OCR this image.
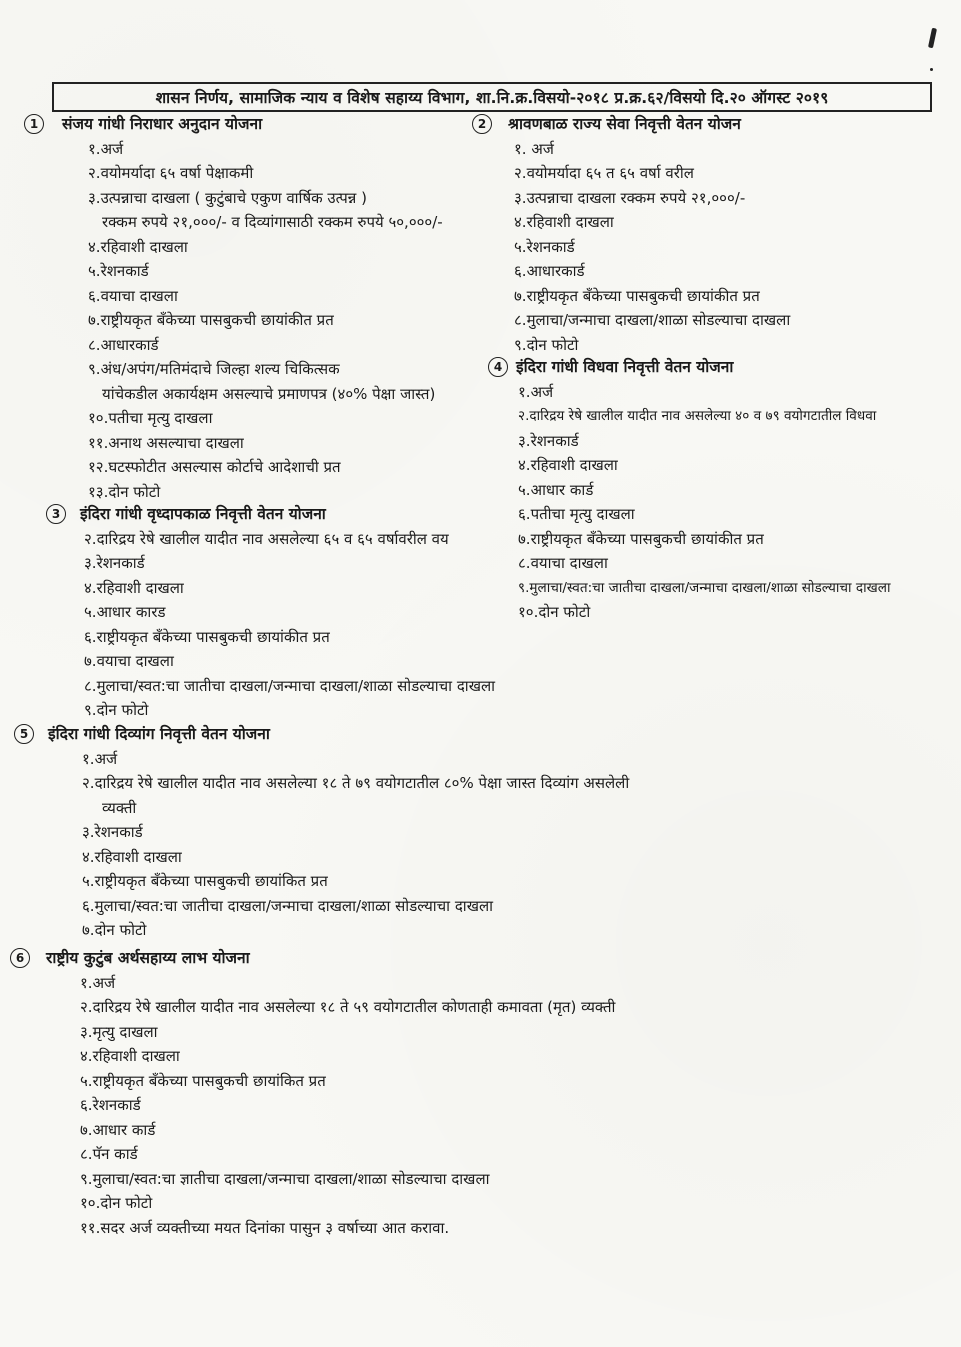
शासन निर्णय, सामाजिक न्याय व विशेष सहाय्य विभाग, शा.नि.क्र.विसयो-२०१८ प्र.क्र.६२/विसयो दि.२० ऑगस्ट २०१९
1	संजय गांधी निराधार अनुदान योजना
१.अर्ज
२.वयोमर्यादा ६५ वर्षा पेक्षाकमी
३.उत्पन्नाचा दाखला ( कुटुंबाचे एकुण वार्षिक उत्पन्न )
रक्कम रुपये २१,०००/- व दिव्यांगासाठी रक्कम रुपये ५०,०००/-
४.रहिवाशी दाखला
५.रेशनकार्ड
६.वयाचा दाखला
७.राष्ट्रीयकृत बँकेच्या पासबुकची छायांकीत प्रत
८.आधारकार्ड
९.अंध/अपंग/मतिमंदाचे जिल्हा शल्य चिकित्सक
यांचेकडील अकार्यक्षम असल्याचे प्रमाणपत्र (४०% पेक्षा जास्त)
१०.पतीचा मृत्यु दाखला
११.अनाथ असल्याचा दाखला
१२.घटस्फोटीत असल्यास कोर्टाचे आदेशाची प्रत
१३.दोन फोटो
2	श्रावणबाळ राज्य सेवा निवृत्ती वेतन योजन
१. अर्ज
२.वयोमर्यादा ६५ त ६५ वर्षा वरील
३.उत्पन्नाचा दाखला रक्कम रुपये २१,०००/-
४.रहिवाशी दाखला
५.रेशनकार्ड
६.आधारकार्ड
७.राष्ट्रीयकृत बँकेच्या पासबुकची छायांकीत प्रत
८.मुलाचा/जन्माचा दाखला/शाळा सोडल्याचा दाखला
९.दोन फोटो
4 इंदिरा गांधी विधवा निवृत्ती वेतन योजना
१.अर्ज
२.दारिद्रय रेषे खालील यादीत नाव असलेल्या ४० व ७९ वयोगटातील विधवा
३.रेशनकार्ड
४.रहिवाशी दाखला
५.आधार कार्ड
६.पतीचा मृत्यु दाखला
७.राष्ट्रीयकृत बँकेच्या पासबुकची छायांकीत प्रत
८.वयाचा दाखला
९.मुलाचा/स्वत:चा जातीचा दाखला/जन्माचा दाखला/शाळा सोडल्याचा दाखला
१०.दोन फोटो
3	इंदिरा गांधी वृध्दापकाळ निवृत्ती वेतन योजना
२.दारिद्रय रेषे खालील यादीत नाव असलेल्या ६५ व ६५ वर्षावरील वय
३.रेशनकार्ड
४.रहिवाशी दाखला
५.आधार कारड
६.राष्ट्रीयकृत बँकेच्या पासबुकची छायांकीत प्रत
७.वयाचा दाखला
८.मुलाचा/स्वत:चा जातीचा दाखला/जन्माचा दाखला/शाळा सोडल्याचा दाखला
९.दोन फोटो
5	इंदिरा गांधी दिव्यांग निवृत्ती वेतन योजना
१.अर्ज
२.दारिद्रय रेषे खालील यादीत नाव असलेल्या १८ ते ७९ वयोगटातील ८०% पेक्षा जास्त दिव्यांग असलेली
व्यक्ती
३.रेशनकार्ड
४.रहिवाशी दाखला
५.राष्ट्रीयकृत बँकेच्या पासबुकची छायांकित प्रत
६.मुलाचा/स्वत:चा जातीचा दाखला/जन्माचा दाखला/शाळा सोडल्याचा दाखला
७.दोन फोटो
6	राष्ट्रीय कुटुंब अर्थसहाय्य लाभ योजना
१.अर्ज
२.दारिद्रय रेषे खालील यादीत नाव असलेल्या १८ ते ५९ वयोगटातील कोणताही कमावता (मृत) व्यक्ती
३.मृत्यु दाखला
४.रहिवाशी दाखला
५.राष्ट्रीयकृत बँकेच्या पासबुकची छायांकित प्रत
६.रेशनकार्ड
७.आधार कार्ड
८.पॅन कार्ड
९.मुलाचा/स्वत:चा ज्ञातीचा दाखला/जन्माचा दाखला/शाळा सोडल्याचा दाखला
१०.दोन फोटो
११.सदर अर्ज व्यक्तीच्या मयत दिनांका पासुन ३ वर्षाच्या आत करावा.
